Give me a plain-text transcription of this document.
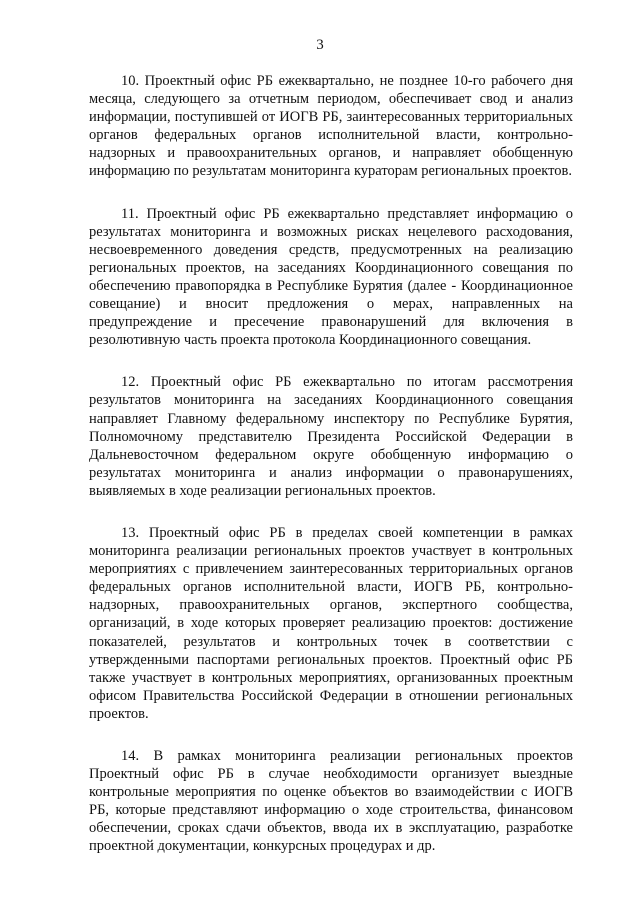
3

10. Проектный офис РБ ежеквартально, не позднее 10-го рабочего дня месяца, следующего за отчетным периодом, обеспечивает свод и анализ информации, поступившей от ИОГВ РБ, заинтересованных территориальных органов федеральных органов исполнительной власти, контрольно-надзорных и правоохранительных органов, и направляет обобщенную информацию по результатам мониторинга кураторам региональных проектов.

11. Проектный офис РБ ежеквартально представляет информацию о результатах мониторинга и возможных рисках нецелевого расходования, несвоевременного доведения средств, предусмотренных на реализацию региональных проектов, на заседаниях Координационного совещания по обеспечению правопорядка в Республике Бурятия (далее - Координационное совещание) и вносит предложения о мерах, направленных на предупреждение и пресечение правонарушений для включения в резолютивную часть проекта протокола Координационного совещания.

12. Проектный офис РБ ежеквартально по итогам рассмотрения результатов мониторинга на заседаниях Координационного совещания направляет Главному федеральному инспектору по Республике Бурятия, Полномочному представителю Президента Российской Федерации в Дальневосточном федеральном округе обобщенную информацию о результатах мониторинга и анализ информации о правонарушениях, выявляемых в ходе реализации региональных проектов.

13. Проектный офис РБ в пределах своей компетенции в рамках мониторинга реализации региональных проектов участвует в контрольных мероприятиях с привлечением заинтересованных территориальных органов федеральных органов исполнительной власти, ИОГВ РБ, контрольно-надзорных, правоохранительных органов, экспертного сообщества, организаций, в ходе которых проверяет реализацию проектов: достижение показателей, результатов и контрольных точек в соответствии с утвержденными паспортами региональных проектов. Проектный офис РБ также участвует в контрольных мероприятиях, организованных проектным офисом Правительства Российской Федерации в отношении региональных проектов.

14. В рамках мониторинга реализации региональных проектов Проектный офис РБ в случае необходимости организует выездные контрольные мероприятия по оценке объектов во взаимодействии с ИОГВ РБ, которые представляют информацию о ходе строительства, финансовом обеспечении, сроках сдачи объектов, ввода их в эксплуатацию, разработке проектной документации, конкурсных процедурах и др.
